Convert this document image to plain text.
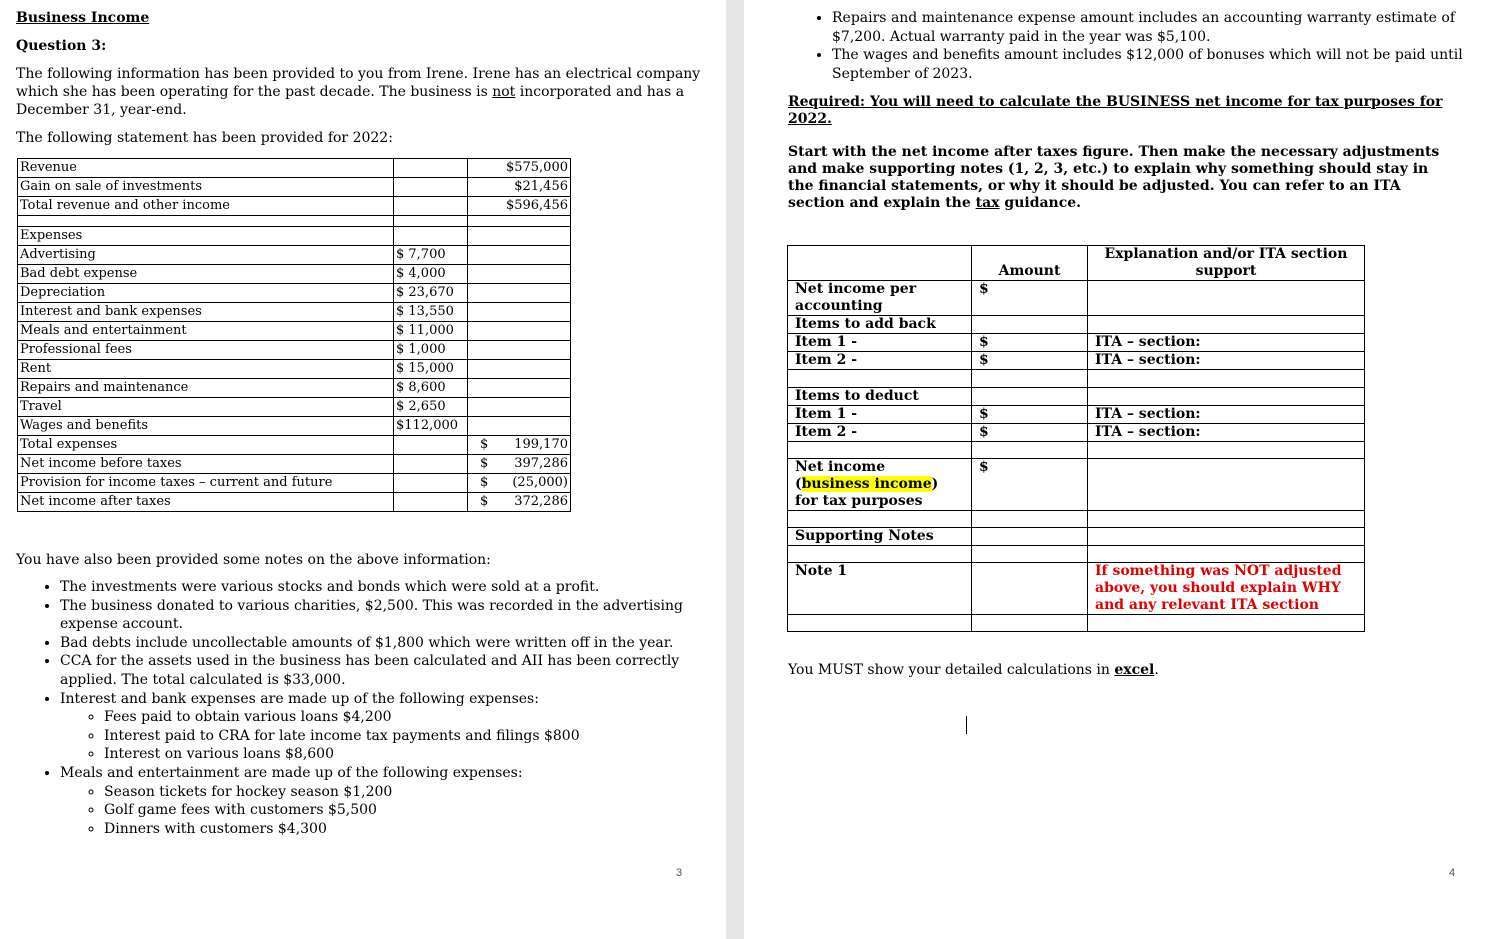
Business Income
Question 3:
The following information has been provided to you from Irene. Irene has an electrical company
which she has been operating for the past decade. The business is not incorporated and has a
December 31, year-end.
The following statement has been provided for 2022:
Revenue		$575,000
Gain on sale of investments		$21,456
Total revenue and other income		$596,456

Expenses		
Advertising	$ 7,700	
Bad debt expense	$ 4,000	
Depreciation	$ 23,670	
Interest and bank expenses	$ 13,550	
Meals and entertainment	$ 11,000	
Professional fees	$ 1,000	
Rent	$ 15,000	
Repairs and maintenance	$ 8,600	
Travel	$ 2,650	
Wages and benefits	$112,000	
Total expenses		$ 199,170
Net income before taxes		$ 397,286
Provision for income taxes – current and future		$ (25,000)
Net income after taxes		$ 372,286
You have also been provided some notes on the above information:
• The investments were various stocks and bonds which were sold at a profit.
• The business donated to various charities, $2,500. This was recorded in the advertising expense account.
• Bad debts include uncollectable amounts of $1,800 which were written off in the year.
• CCA for the assets used in the business has been calculated and AII has been correctly applied. The total calculated is $33,000.
• Interest and bank expenses are made up of the following expenses:
◦ Fees paid to obtain various loans $4,200
◦ Interest paid to CRA for late income tax payments and filings $800
◦ Interest on various loans $8,600
• Meals and entertainment are made up of the following expenses:
◦ Season tickets for hockey season $1,200
◦ Golf game fees with customers $5,500
◦ Dinners with customers $4,300
3
• Repairs and maintenance expense amount includes an accounting warranty estimate of $7,200. Actual warranty paid in the year was $5,100.
• The wages and benefits amount includes $12,000 of bonuses which will not be paid until September of 2023.
Required: You will need to calculate the BUSINESS net income for tax purposes for 2022.
Start with the net income after taxes figure. Then make the necessary adjustments and make supporting notes (1, 2, 3, etc.) to explain why something should stay in the financial statements, or why it should be adjusted. You can refer to an ITA section and explain the tax guidance.
	Amount	Explanation and/or ITA section support
Net income per accounting	$	
Items to add back		
Item 1 -	$	ITA – section:
Item 2 -	$	ITA – section:

Items to deduct		
Item 1 -	$	ITA – section:
Item 2 -	$	ITA – section:

Net income (business income) for tax purposes	$	

Supporting Notes		

Note 1		If something was NOT adjusted above, you should explain WHY and any relevant ITA section

You MUST show your detailed calculations in excel.
4
